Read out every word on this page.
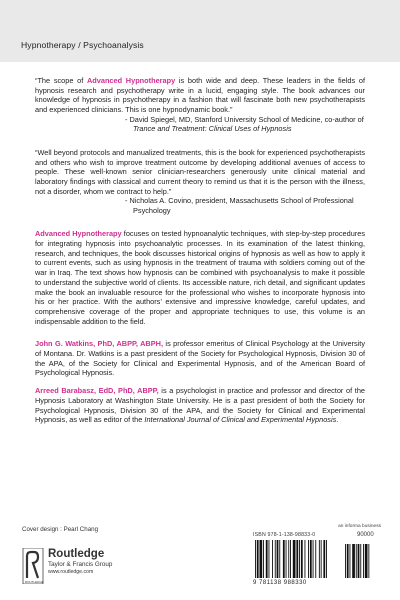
Hypnotherapy / Psychoanalysis

“The scope of Advanced Hypnotherapy is both wide and deep. These leaders in the fields of hypnosis research and psychotherapy write in a lucid, engaging style. The book advances our knowledge of hypnosis in psychotherapy in a fashion that will fascinate both new psychotherapists and experienced clinicians. This is one hypnodynamic book.”

- David Spiegel, MD, Stanford University School of Medicine, co-author of

Trance and Treatment: Clinical Uses of Hypnosis

“Well beyond protocols and manualized treatments, this is the book for experienced psychotherapists and others who wish to improve treatment outcome by developing additional avenues of access to people. These well-known senior clinician-researchers generously unite clinical material and laboratory findings with classical and current theory to remind us that it is the person with the illness, not a disorder, whom we contract to help.”

- Nicholas A. Covino, president, Massachusetts School of Professional

Psychology

Advanced Hypnotherapy focuses on tested hypnoanalytic techniques, with step-by-step procedures for integrating hypnosis into psychoanalytic processes. In its examination of the latest thinking, research, and techniques, the book discusses historical origins of hypnosis as well as how to apply it to current events, such as using hypnosis in the treatment of trauma with soldiers coming out of the war in Iraq. The text shows how hypnosis can be combined with psychoanalysis to make it possible to understand the subjective world of clients. Its accessible nature, rich detail, and significant updates make the book an invaluable resource for the professional who wishes to incorporate hypnosis into his or her practice. With the authors’ extensive and impressive knowledge, careful updates, and comprehensive coverage of the proper and appropriate techniques to use, this volume is an indispensable addition to the field.

John G. Watkins, PhD, ABPP, ABPH, is professor emeritus of Clinical Psychology at the University of Montana. Dr. Watkins is a past president of the Society for Psychological Hypnosis, Division 30 of the APA, of the Society for Clinical and Experimental Hypnosis, and of the American Board of Psychological Hypnosis.

Arreed Barabasz, EdD, PhD, ABPP, is a psychologist in practice and professor and director of the Hypnosis Laboratory at Washington State University. He is a past president of both the Society for Psychological Hypnosis, Division 30 of the APA, and the Society for Clinical and Experimental Hypnosis, as well as editor of the International Journal of Clinical and Experimental Hypnosis.

Cover design : Pearl Chang
ROUTLEDGE
Routledge
Taylor & Francis Group
www.routledge.com
an informa business
ISBN 978-1-138-98833-0	90000
9 781138 988330
